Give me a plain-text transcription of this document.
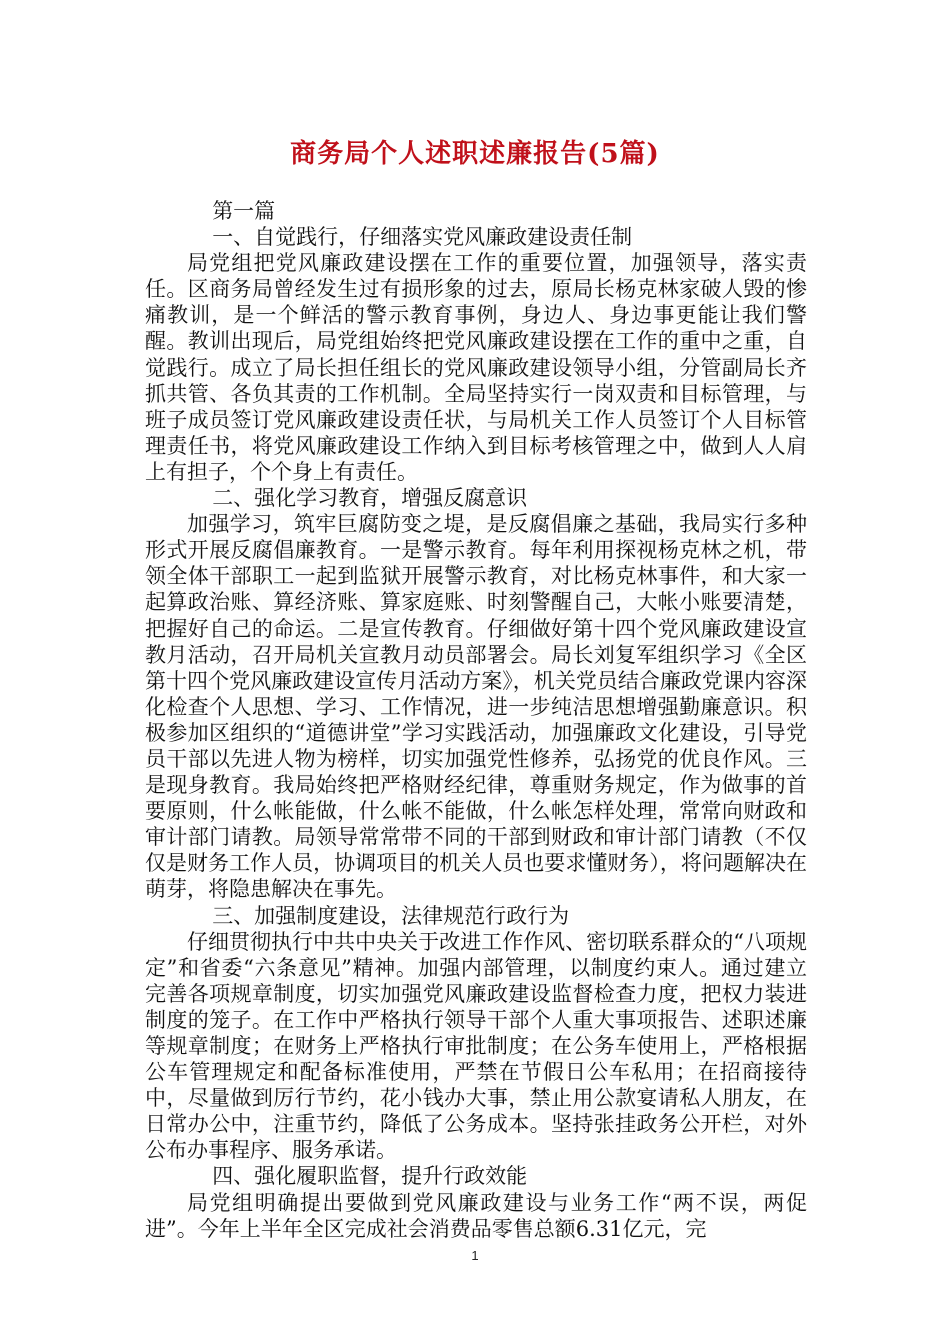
商务局个人述职述廉报告(5篇)

第一篇

一、自觉践行，仔细落实党风廉政建设责任制

局党组把党风廉政建设摆在工作的重要位置，加强领导，落实责任。区商务局曾经发生过有损形象的过去，原局长杨克林家破人毁的惨痛教训，是一个鲜活的警示教育事例，身边人、身边事更能让我们警醒。教训出现后，局党组始终把党风廉政建设摆在工作的重中之重，自觉践行。成立了局长担任组长的党风廉政建设领导小组，分管副局长齐抓共管、各负其责的工作机制。全局坚持实行一岗双责和目标管理，与班子成员签订党风廉政建设责任状，与局机关工作人员签订个人目标管理责任书，将党风廉政建设工作纳入到目标考核管理之中，做到人人肩上有担子，个个身上有责任。

二、强化学习教育，增强反腐意识

加强学习，筑牢巨腐防变之堤，是反腐倡廉之基础，我局实行多种形式开展反腐倡廉教育。一是警示教育。每年利用探视杨克林之机，带领全体干部职工一起到监狱开展警示教育，对比杨克林事件，和大家一起算政治账、算经济账、算家庭账、时刻警醒自己，大帐小账要清楚，把握好自己的命运。二是宣传教育。仔细做好第十四个党风廉政建设宣教月活动，召开局机关宣教月动员部署会。局长刘复军组织学习《全区第十四个党风廉政建设宣传月活动方案》，机关党员结合廉政党课内容深化检查个人思想、学习、工作情况，进一步纯洁思想增强勤廉意识。积极参加区组织的“道德讲堂”学习实践活动，加强廉政文化建设，引导党员干部以先进人物为榜样，切实加强党性修养，弘扬党的优良作风。三是现身教育。我局始终把严格财经纪律，尊重财务规定，作为做事的首要原则，什么帐能做，什么帐不能做，什么帐怎样处理，常常向财政和审计部门请教。局领导常常带不同的干部到财政和审计部门请教（不仅仅是财务工作人员，协调项目的机关人员也要求懂财务），将问题解决在萌芽，将隐患解决在事先。

三、加强制度建设，法律规范行政行为

仔细贯彻执行中共中央关于改进工作作风、密切联系群众的“八项规定”和省委“六条意见”精神。加强内部管理，以制度约束人。通过建立完善各项规章制度，切实加强党风廉政建设监督检查力度，把权力装进制度的笼子。在工作中严格执行领导干部个人重大事项报告、述职述廉等规章制度；在财务上严格执行审批制度；在公务车使用上，严格根据公车管理规定和配备标准使用，严禁在节假日公车私用；在招商接待中，尽量做到厉行节约，花小钱办大事，禁止用公款宴请私人朋友，在日常办公中，注重节约，降低了公务成本。坚持张挂政务公开栏，对外公布办事程序、服务承诺。

四、强化履职监督，提升行政效能

局党组明确提出要做到党风廉政建设与业务工作“两不误，两促进”。今年上半年全区完成社会消费品零售总额6.31亿元，完

1
